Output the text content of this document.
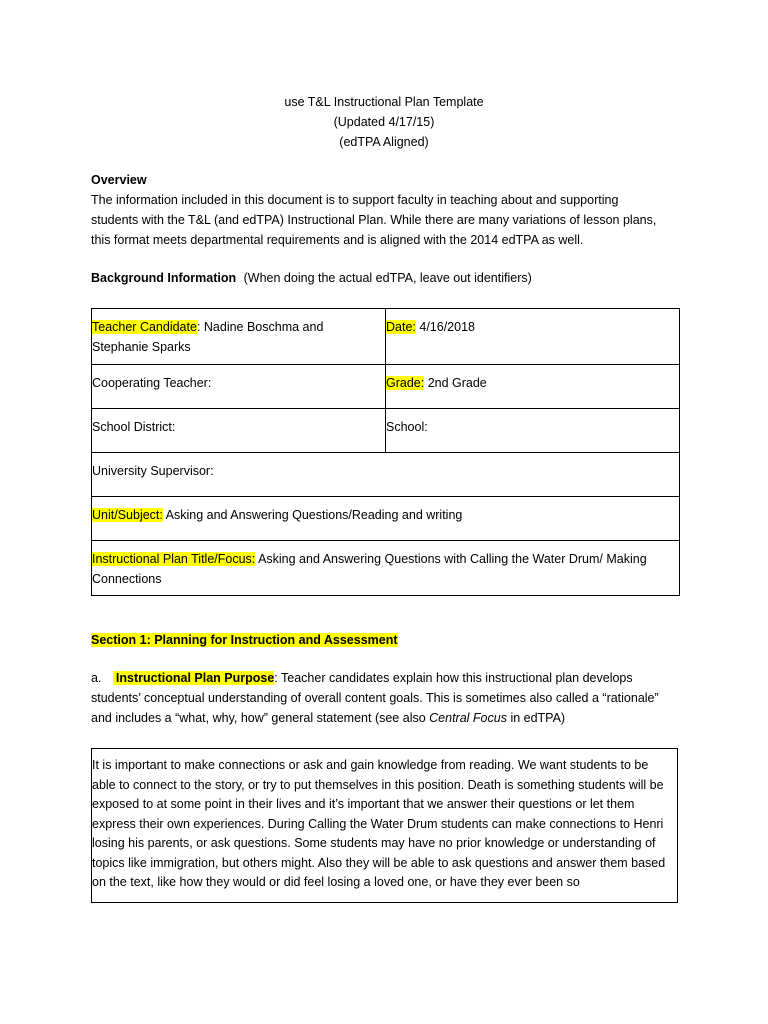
use T&L Instructional Plan Template
(Updated 4/17/15)
(edTPA Aligned)
Overview
The information included in this document is to support faculty in teaching about and supporting
students with the T&L (and edTPA) Instructional Plan. While there are many variations of lesson plans,
this format meets departmental requirements and is aligned with the 2014 edTPA as well.
Background Information (When doing the actual edTPA, leave out identifiers)
Teacher Candidate: Nadine Boschma and Stephanie Sparks	Date: 4/16/2018
Cooperating Teacher:	Grade: 2nd Grade
School District:	School:
University Supervisor:	
Unit/Subject: Asking and Answering Questions/Reading and writing	
Instructional Plan Title/Focus: Asking and Answering Questions with Calling the Water Drum/ Making Connections	
Section 1: Planning for Instruction and Assessment
a. Instructional Plan Purpose: Teacher candidates explain how this instructional plan develops
students’ conceptual understanding of overall content goals. This is sometimes also called a “rationale”
and includes a “what, why, how” general statement (see also Central Focus in edTPA)
It is important to make connections or ask and gain knowledge from reading. We want students to be able to connect to the story, or try to put themselves in this position. Death is something students will be exposed to at some point in their lives and it’s important that we answer their questions or let them express their own experiences. During Calling the Water Drum students can make connections to Henri losing his parents, or ask questions. Some students may have no prior knowledge or understanding of topics like immigration, but others might. Also they will be able to ask questions and answer them based on the text, like how they would or did feel losing a loved one, or have they ever been so
